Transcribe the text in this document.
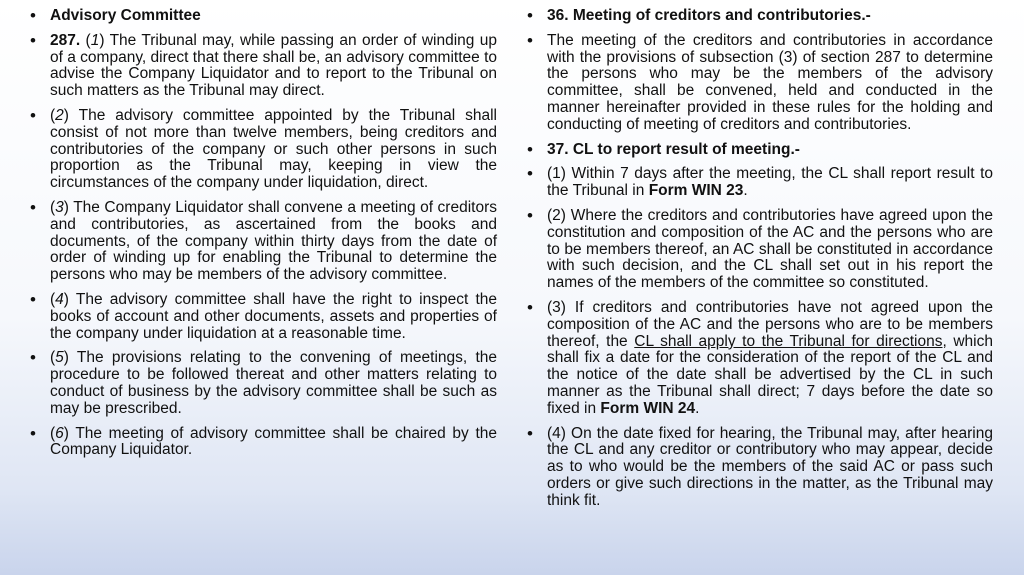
• Advisory Committee
• 287. (1) The Tribunal may, while passing an order of winding up of a company, direct that there shall be, an advisory committee to advise the Company Liquidator and to report to the Tribunal on such matters as the Tribunal may direct.
• (2) The advisory committee appointed by the Tribunal shall consist of not more than twelve members, being creditors and contributories of the company or such other persons in such proportion as the Tribunal may, keeping in view the circumstances of the company under liquidation, direct.
• (3) The Company Liquidator shall convene a meeting of creditors and contributories, as ascertained from the books and documents, of the company within thirty days from the date of order of winding up for enabling the Tribunal to determine the persons who may be members of the advisory committee.
• (4) The advisory committee shall have the right to inspect the books of account and other documents, assets and properties of the company under liquidation at a reasonable time.
• (5) The provisions relating to the convening of meetings, the procedure to be followed thereat and other matters relating to conduct of business by the advisory committee shall be such as may be prescribed.
• (6) The meeting of advisory committee shall be chaired by the Company Liquidator.
• 36. Meeting of creditors and contributories.-
• The meeting of the creditors and contributories in accordance with the provisions of subsection (3) of section 287 to determine the persons who may be the members of the advisory committee, shall be convened, held and conducted in the manner hereinafter provided in these rules for the holding and conducting of meeting of creditors and contributories.
• 37. CL to report result of meeting.-
• (1) Within 7 days after the meeting, the CL shall report result to the Tribunal in Form WIN 23.
• (2) Where the creditors and contributories have agreed upon the constitution and composition of the AC and the persons who are to be members thereof, an AC shall be constituted in accordance with such decision, and the CL shall set out in his report the names of the members of the committee so constituted.
• (3) If creditors and contributories have not agreed upon the composition of the AC and the persons who are to be members thereof, the CL shall apply to the Tribunal for directions, which shall fix a date for the consideration of the report of the CL and the notice of the date shall be advertised by the CL in such manner as the Tribunal shall direct; 7 days before the date so fixed in Form WIN 24.
• (4) On the date fixed for hearing, the Tribunal may, after hearing the CL and any creditor or contributory who may appear, decide as to who would be the members of the said AC or pass such orders or give such directions in the matter, as the Tribunal may think fit.
